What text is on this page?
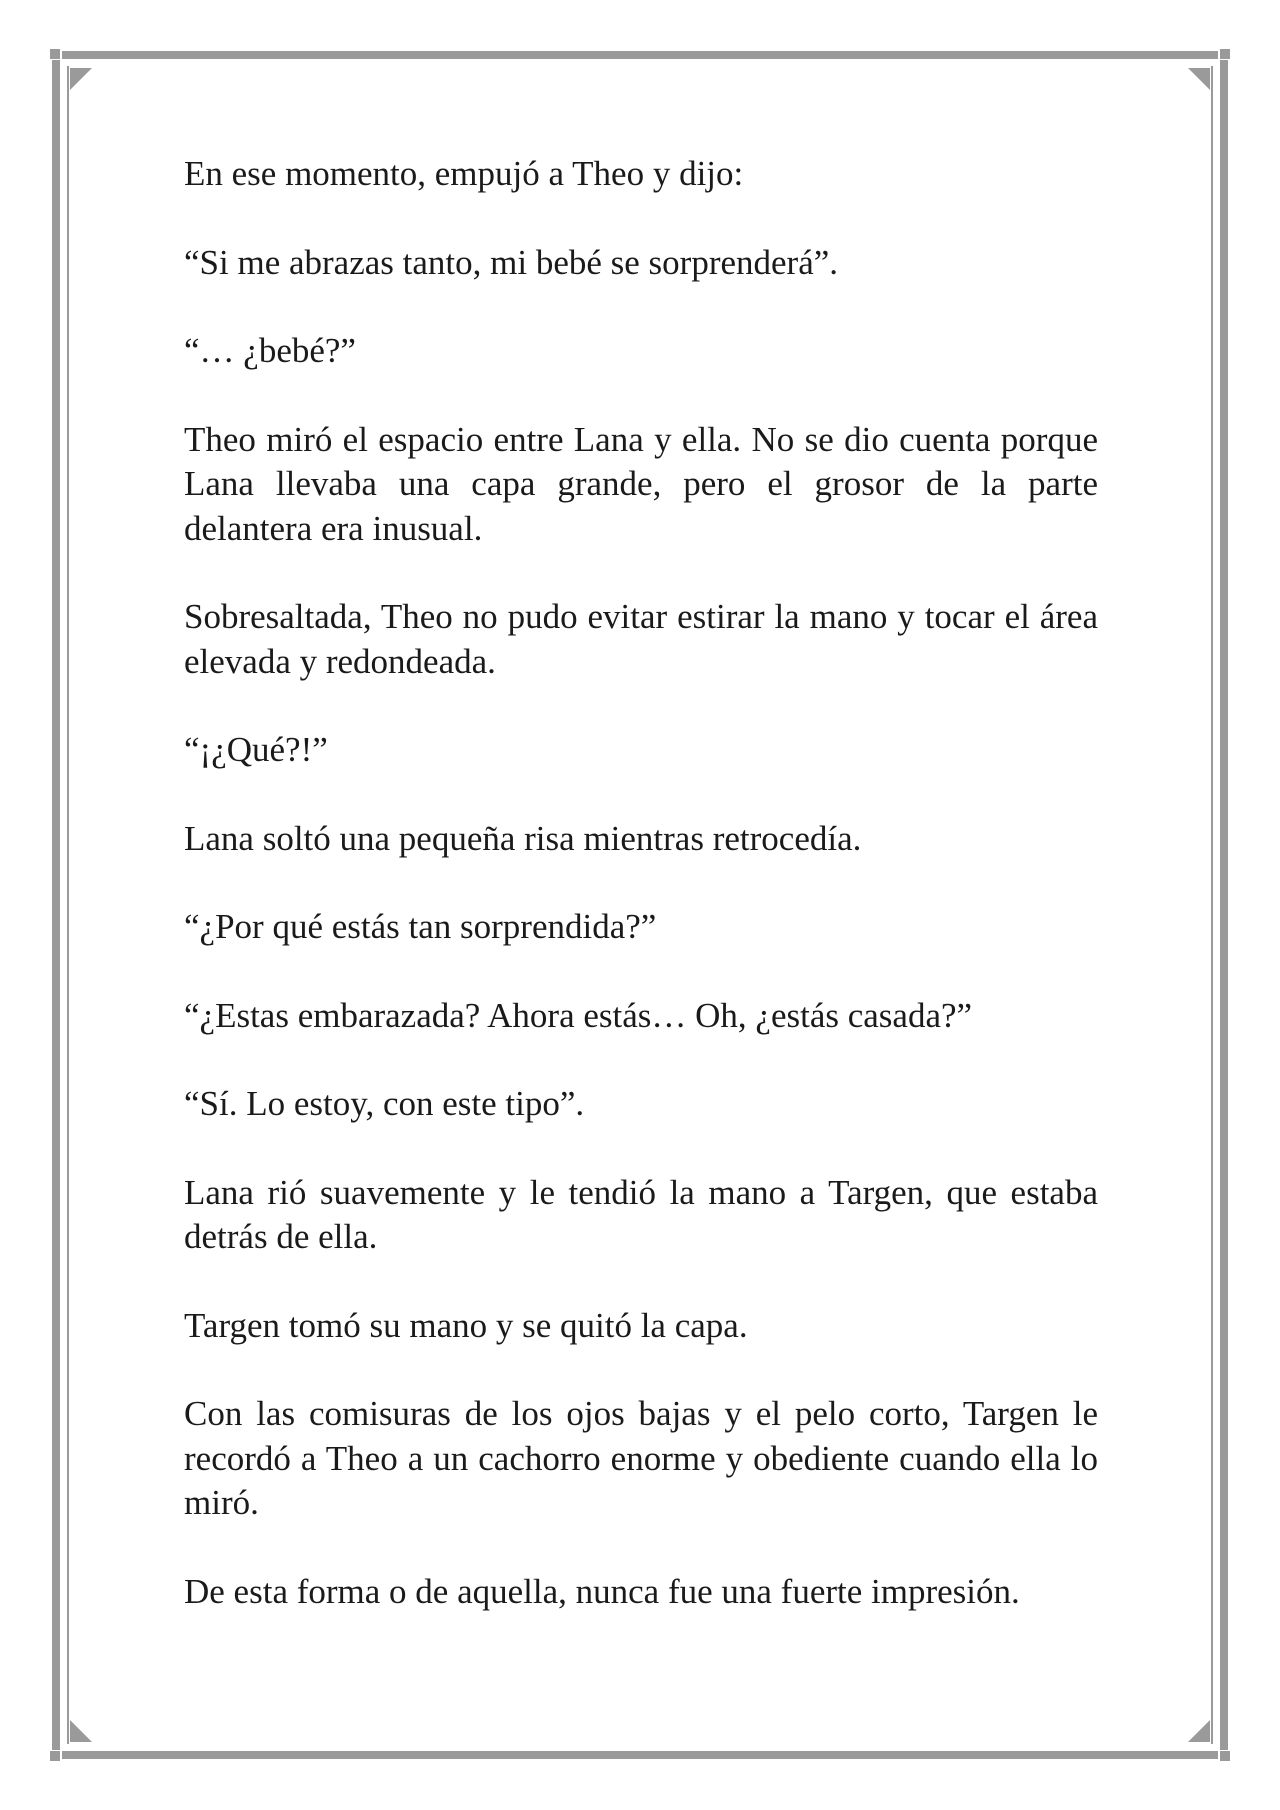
En ese momento, empujó a Theo y dijo:

“Si me abrazas tanto, mi bebé se sorprenderá”.

“… ¿bebé?”

Theo miró el espacio entre Lana y ella. No se dio cuenta porque Lana llevaba una capa grande, pero el grosor de la parte delantera era inusual.

Sobresaltada, Theo no pudo evitar estirar la mano y tocar el área elevada y redondeada.

“¡¿Qué?!”

Lana soltó una pequeña risa mientras retrocedía.

“¿Por qué estás tan sorprendida?”

“¿Estas embarazada? Ahora estás… Oh, ¿estás casada?”

“Sí. Lo estoy, con este tipo”.

Lana rió suavemente y le tendió la mano a Targen, que estaba detrás de ella.

Targen tomó su mano y se quitó la capa.

Con las comisuras de los ojos bajas y el pelo corto, Targen le recordó a Theo a un cachorro enorme y obediente cuando ella lo miró.

De esta forma o de aquella, nunca fue una fuerte impresión.
